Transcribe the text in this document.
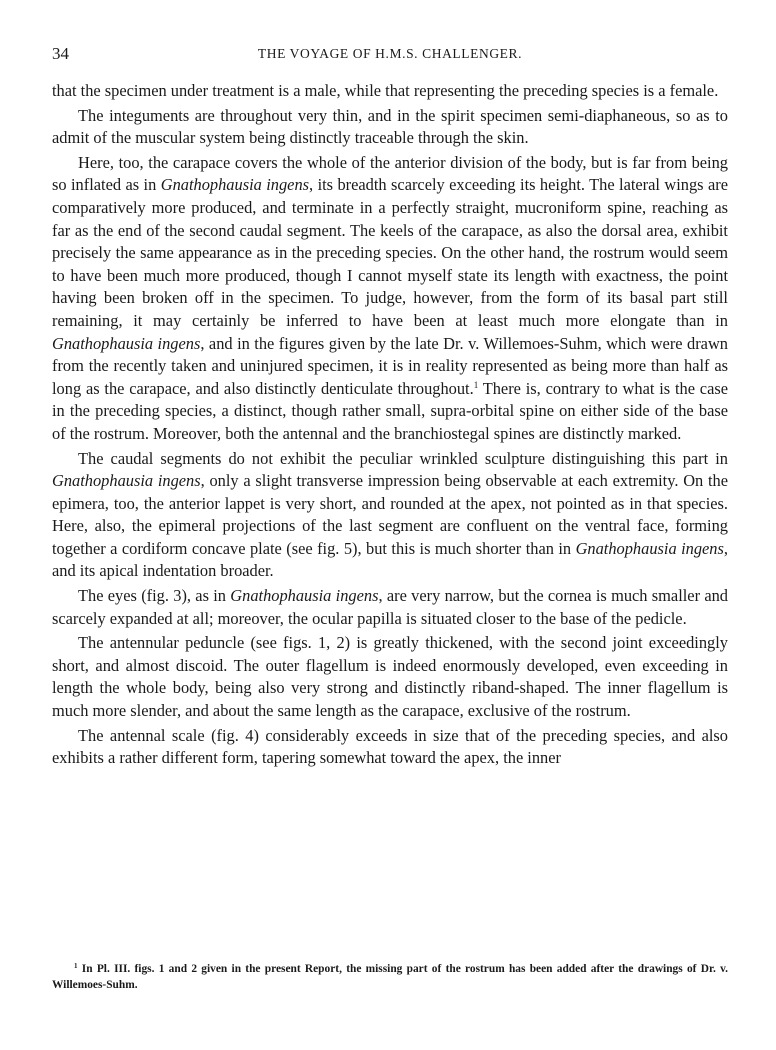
34	THE VOYAGE OF H.M.S. CHALLENGER.

that the specimen under treatment is a male, while that representing the preceding species is a female.

The integuments are throughout very thin, and in the spirit specimen semi-diaphaneous, so as to admit of the muscular system being distinctly traceable through the skin.

Here, too, the carapace covers the whole of the anterior division of the body, but is far from being so inflated as in Gnathophausia ingens, its breadth scarcely exceeding its height. The lateral wings are comparatively more produced, and terminate in a perfectly straight, mucroniform spine, reaching as far as the end of the second caudal segment. The keels of the carapace, as also the dorsal area, exhibit precisely the same appearance as in the preceding species. On the other hand, the rostrum would seem to have been much more produced, though I cannot myself state its length with exactness, the point having been broken off in the specimen. To judge, however, from the form of its basal part still remaining, it may certainly be inferred to have been at least much more elongate than in Gnathophausia ingens, and in the figures given by the late Dr. v. Willemoes-Suhm, which were drawn from the recently taken and uninjured specimen, it is in reality represented as being more than half as long as the carapace, and also distinctly denticulate throughout.$^1$ There is, contrary to what is the case in the preceding species, a distinct, though rather small, supra-orbital spine on either side of the base of the rostrum. Moreover, both the antennal and the branchiostegal spines are distinctly marked.

The caudal segments do not exhibit the peculiar wrinkled sculpture distinguishing this part in Gnathophausia ingens, only a slight transverse impression being observable at each extremity. On the epimera, too, the anterior lappet is very short, and rounded at the apex, not pointed as in that species. Here, also, the epimeral projections of the last segment are confluent on the ventral face, forming together a cordiform concave plate (see fig. 5), but this is much shorter than in Gnathophausia ingens, and its apical indentation broader.

The eyes (fig. 3), as in Gnathophausia ingens, are very narrow, but the cornea is much smaller and scarcely expanded at all; moreover, the ocular papilla is situated closer to the base of the pedicle.

The antennular peduncle (see figs. 1, 2) is greatly thickened, with the second joint exceedingly short, and almost discoid. The outer flagellum is indeed enormously developed, even exceeding in length the whole body, being also very strong and distinctly riband-shaped. The inner flagellum is much more slender, and about the same length as the carapace, exclusive of the rostrum.

The antennal scale (fig. 4) considerably exceeds in size that of the preceding species, and also exhibits a rather different form, tapering somewhat toward the apex, the inner

$^1$ In Pl. III. figs. 1 and 2 given in the present Report, the missing part of the rostrum has been added after the drawings of Dr. v. Willemoes-Suhm.
